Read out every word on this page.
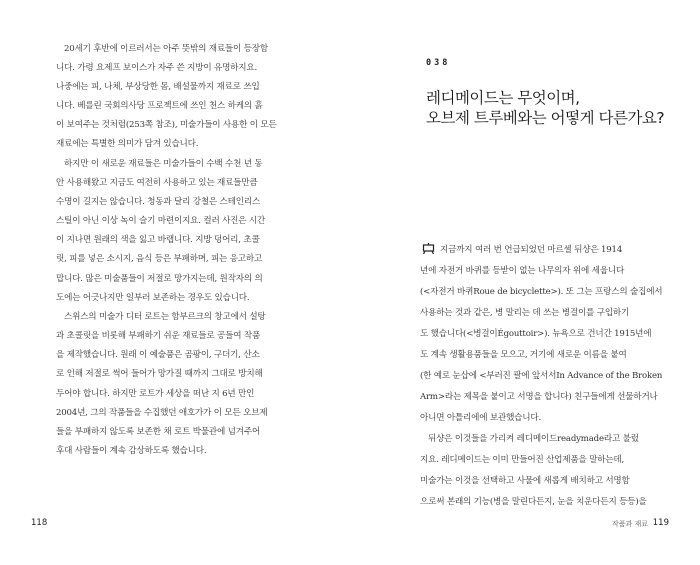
20세기 후반에 이르러서는 아주 뜻밖의 재료들이 등장함

니다. 가령 요제프 보이스가 자주 쓴 지방이 유명하지요.

나중에는 피, 나체, 부상당한 몸, 배설물까지 재료로 쓰입

니다. 베를린 국회의사당 프로젝트에 쓰인 천스 하케의 흙

이 보여주는 것처럼(253쪽 참조), 미술가들이 사용한 이 모든

재료에는 특별한 의미가 담겨 있습니다.

하지만 이 새로운 재료들은 미술가들이 수백 수천 년 동

안 사용해왔고 지금도 여전히 사용하고 있는 재료들만큼

수명이 길지는 않습니다. 청동과 달리 강철은 스테인리스

스틸이 아닌 이상 녹이 슬기 마련이지요. 컬러 사진은 시간

이 지나면 원래의 색을 잃고 바랩니다. 지방 덩어리, 초콜

릿, 피를 넣은 소시지, 음식 등은 부패하며, 피는 응고하고

맙니다. 많은 미술품들이 저절로 망가지는데, 원작자의 의

도에는 어긋나지만 일부러 보존하는 경우도 있습니다.

스위스의 미술가 디터 로트는 함부르크의 창고에서 설탕

과 초콜릿을 비롯해 부패하기 쉬운 재료들로 공들여 작품

을 제작했습니다. 원래 이 예술품은 곰팡이, 구더기, 산소

로 인해 저절로 썩어 들어가 망가질 때까지 그대로 방치해

두어야 합니다. 하지만 로트가 세상을 떠난 지 6년 만인

2004년, 그의 작품들을 수집했던 애호가가 이 모든 오브제

들을 부패하지 않도록 보존한 채 로트 박물관에 넘겨주어

후대 사람들이 계속 감상하도록 했습니다.

118
038
레디메이드는 무엇이며,
오브제 트루베와는 어떻게 다른가요?

지금까지 여러 번 언급되었던 마르셀 뒤샹은 1914

년에 자전거 바퀴를 등받이 없는 나무의자 위에 세웁니다

(<자전거 바퀴Roue de bicyclette>). 또 그는 프랑스의 술집에서

사용하는 것과 같은, 병 말리는 데 쓰는 병걸이를 구입하기

도 했습니다(<병걸이Égouttoir>). 뉴욕으로 건너간 1915년에

도 계속 생활용품들을 모으고, 거기에 새로운 이름을 붙여

(한 예로 눈삽에 <부러진 팔에 앞서서In Advance of the Broken

Arm>라는 제목을 붙이고 서명을 합니다) 친구들에게 선물하거나

아니면 아틀리에에 보관했습니다.

뒤샹은 이것들을 가리켜 레디메이드readymade라고 불렀

지요. 레디메이드는 이미 만들어진 산업제품을 말하는데,

미술가는 이것을 선택하고 사물에 새롭게 배치하고 서명함

으로써 본래의 기능(병을 말린다든지, 눈을 치운다든지 등등)을

작품과 재료 119
